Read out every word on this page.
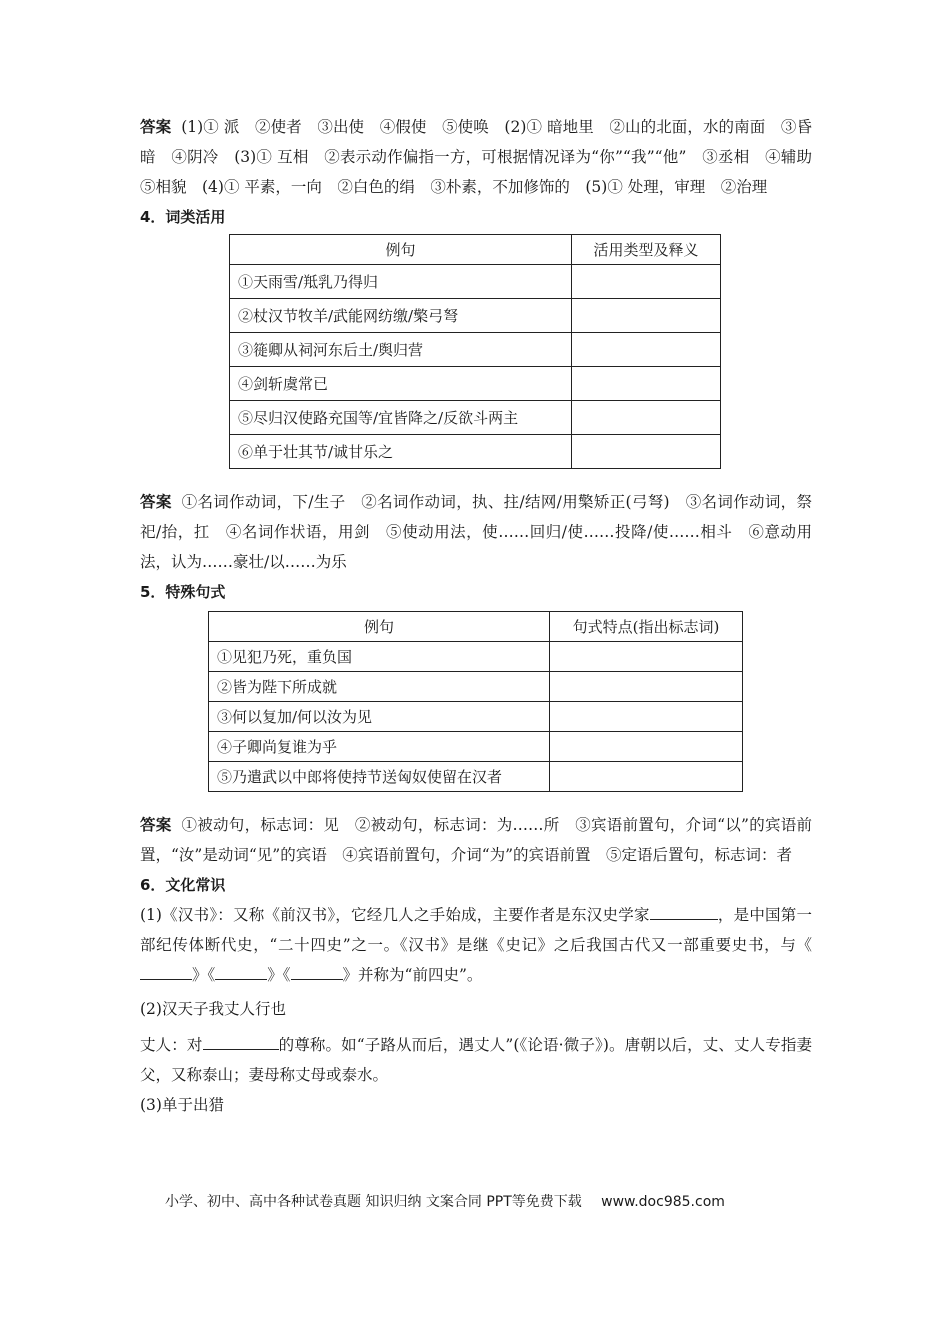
答案 (1)① 派　②使者　③出使　④假使　⑤使唤　(2)① 暗地里　②山的北面，水的南面　③昏暗　④阴冷　(3)① 互相　②表示动作偏指一方，可根据情况译为“你”“我”“他”　③丞相　④辅助　⑤相貌　(4)① 平素，一向　②白色的绢　③朴素，不加修饰的　(5)① 处理，审理　②治理

4．词类活用

例句	活用类型及释义
①天雨雪/羝乳乃得归	
②杖汉节牧羊/武能网纺缴/檠弓弩	
③簁卿从祠河东后土/舆归营	
④剑斩虞常已	
⑤尽归汉使路充国等/宜皆降之/反欲斗两主	
⑥单于壮其节/诚甘乐之	

答案 ①名词作动词，下/生子　②名词作动词，执、拄/结网/用檠矫正(弓弩)　③名词作动词，祭祀/抬，扛　④名词作状语，用剑　⑤使动用法，使……回归/使……投降/使……相斗　⑥意动用法，认为……豪壮/以……为乐

5．特殊句式

例句	句式特点(指出标志词)
①见犯乃死，重负国	
②皆为陛下所成就	
③何以复加/何以汝为见	
④子卿尚复谁为乎	
⑤乃遣武以中郎将使持节送匈奴使留在汉者	

答案 ①被动句，标志词：见　②被动句，标志词：为……所　③宾语前置句，介词“以”的宾语前置，“汝”是动词“见”的宾语　④宾语前置句，介词“为”的宾语前置　⑤定语后置句，标志词：者

6．文化常识

(1)《汉书》：又称《前汉书》，它经几人之手始成，主要作者是东汉史学家	，是中国第一部纪传体断代史，“二十四史”之一。《汉书》是继《史记》之后我国古代又一部重要史书，与《》《	》《	》并称为“前四史”。

(2)汉天子我丈人行也

丈人：对	的尊称。如“子路从而后，遇丈人”(《论语·微子》)。唐朝以后，丈、丈人专指妻父，又称泰山；妻母称丈母或泰水。

(3)单于出猎

小学、初中、高中各种试卷真题 知识归纳 文案合同 PPT等免费下载 www.doc985.com
